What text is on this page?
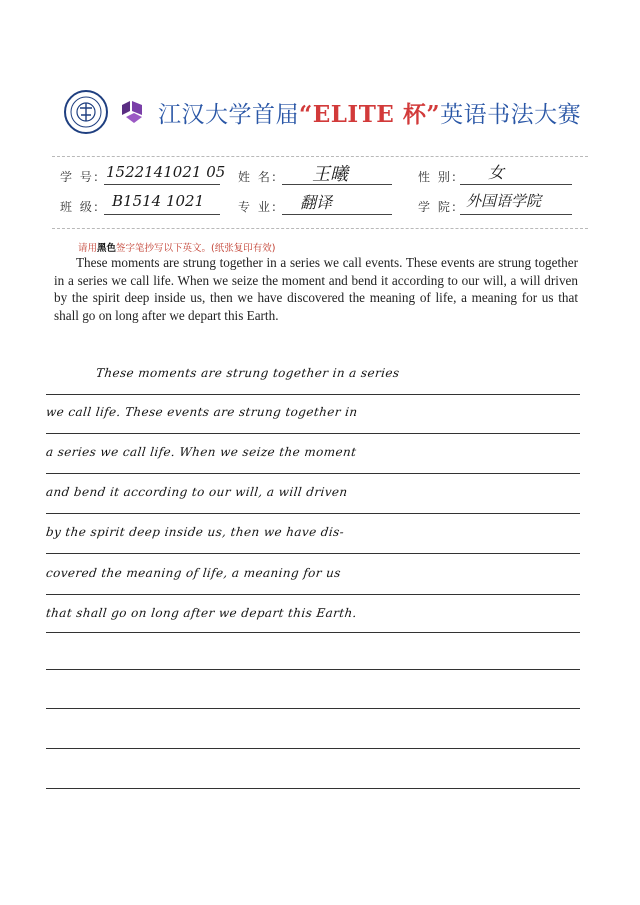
江汉大学首届“ELITE 杯”英语书法大赛
学 号: 1522141021 05 姓 名: 王曦	性 别: 女
班 级: B1514 1021	专 业: 翻译	学 院: 外国语学院
请用黑色签字笔抄写以下英文。(纸张复印有效)
These moments are strung together in a series we call events. These events are strung together in a series we call life. When we seize the moment and bend it according to our will, a will driven by the spirit deep inside us, then we have discovered the meaning of life, a meaning for us that shall go on long after we depart this Earth.
These moments are strung together in a series
we call life. These events are strung together in
a series we call life. When we seize the moment
and bend it according to our will, a will driven
by the spirit deep inside us, then we have dis-
covered the meaning of life, a meaning for us
that shall go on long after we depart this Earth.
